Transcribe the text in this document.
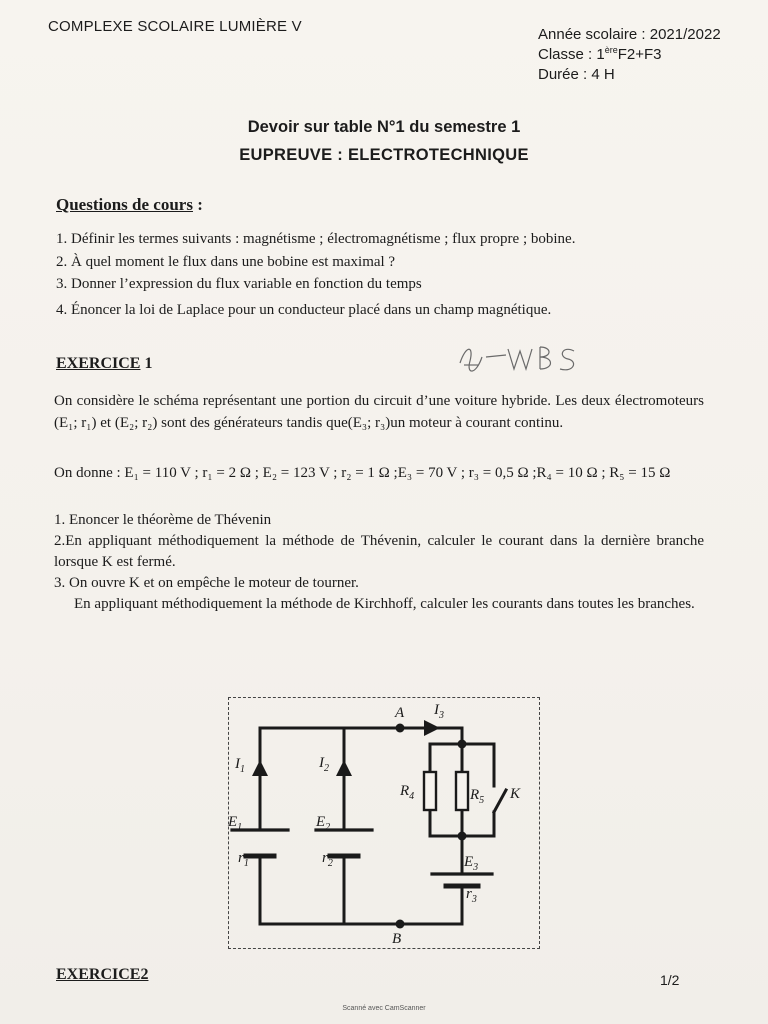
COMPLEXE SCOLAIRE LUMIÈRE V	Année scolaire : 2021/2022
Classe : 1èreF2+F3
Durée : 4 H
Devoir sur table N°1 du semestre 1
EUPREUVE : ELECTROTECHNIQUE
Questions de cours :
1. Définir les termes suivants : magnétisme ; électromagnétisme ; flux propre ; bobine.
2. À quel moment le flux dans une bobine est maximal ?
3. Donner l’expression du flux variable en fonction du temps
4. Énoncer la loi de Laplace pour un conducteur placé dans un champ magnétique.
EXERCICE 1
On considère le schéma représentant une portion du circuit d’une voiture hybride. Les deux électromoteurs (E₁; r₁) et (E₂; r₂) sont des générateurs tandis que(E₃; r₃)un moteur à courant continu.
On donne : E₁ = 110 V ; r₁ = 2 Ω ; E₂ = 123 V ; r₂ = 1 Ω ;E₃ = 70 V ; r₃ = 0,5 Ω ;R₄ = 10 Ω ; R₅ = 15 Ω
1. Enoncer le théorème de Thévenin
2.En appliquant méthodiquement la méthode de Thévenin, calculer le courant dans la dernière branche lorsque K est fermé.
3. On ouvre K et on empêche le moteur de tourner.
En appliquant méthodiquement la méthode de Kirchhoff, calculer les courants dans toutes les branches.
A
B
$I_3$
$I_1$	$I_2$
$E_1$
$r_1$
$E_2$
$r_2$
$R_4$	$R_5$ K
$E_3$
$r_3$
EXERCICE2	1/2
Scanné avec CamScanner
